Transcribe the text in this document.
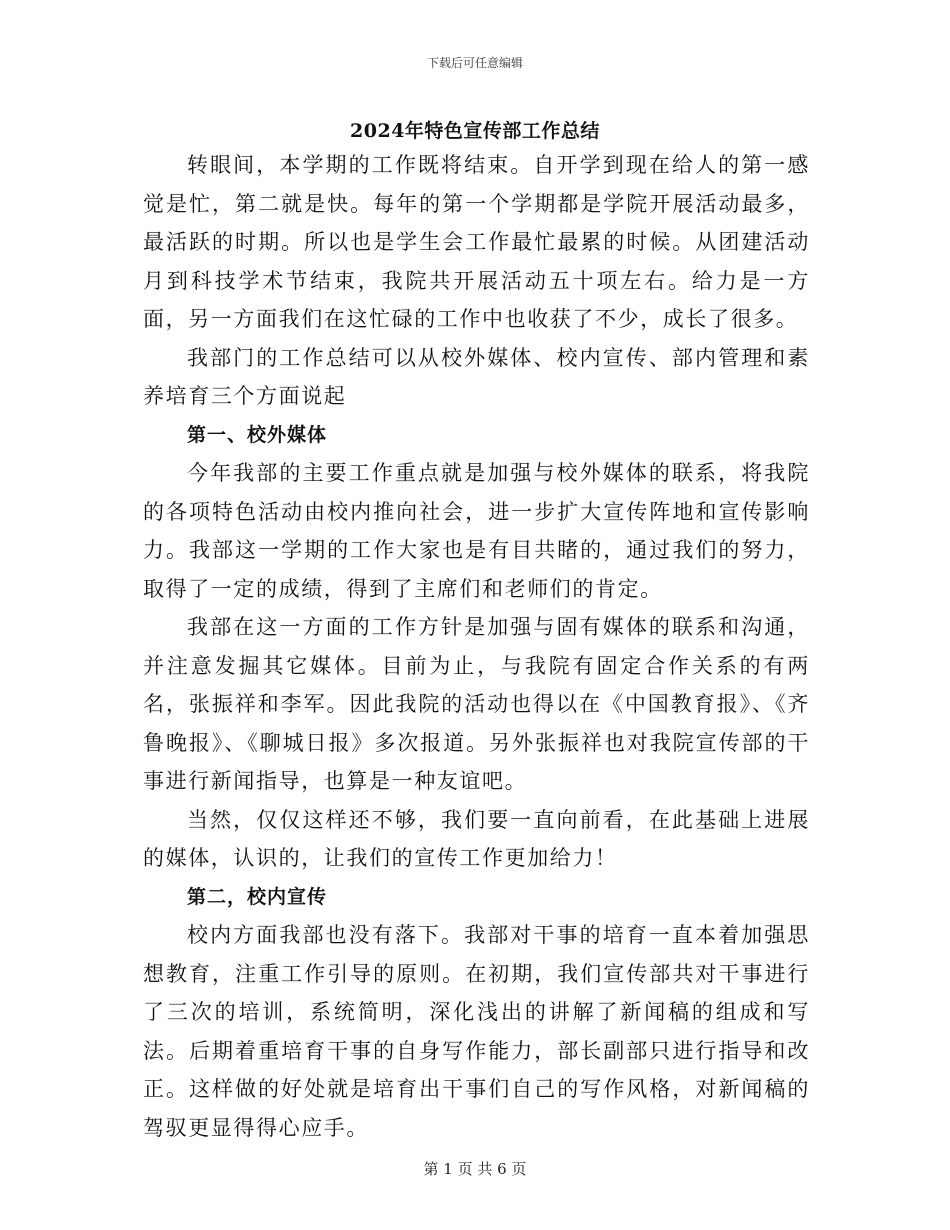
下载后可任意编辑
2024年特色宣传部工作总结

转眼间，本学期的工作既将结束。自开学到现在给人的第一感觉是忙，第二就是快。每年的第一个学期都是学院开展活动最多，最活跃的时期。所以也是学生会工作最忙最累的时候。从团建活动月到科技学术节结束，我院共开展活动五十项左右。给力是一方面，另一方面我们在这忙碌的工作中也收获了不少，成长了很多。

我部门的工作总结可以从校外媒体、校内宣传、部内管理和素养培育三个方面说起

第一、校外媒体

今年我部的主要工作重点就是加强与校外媒体的联系，将我院的各项特色活动由校内推向社会，进一步扩大宣传阵地和宣传影响力。我部这一学期的工作大家也是有目共睹的，通过我们的努力，取得了一定的成绩，得到了主席们和老师们的肯定。

我部在这一方面的工作方针是加强与固有媒体的联系和沟通，并注意发掘其它媒体。目前为止，与我院有固定合作关系的有两名，张振祥和李军。因此我院的活动也得以在《中国教育报》、《齐鲁晚报》、《聊城日报》多次报道。另外张振祥也对我院宣传部的干事进行新闻指导，也算是一种友谊吧。

当然，仅仅这样还不够，我们要一直向前看，在此基础上进展的媒体，认识的，让我们的宣传工作更加给力！

第二，校内宣传

校内方面我部也没有落下。我部对干事的培育一直本着加强思想教育，注重工作引导的原则。在初期，我们宣传部共对干事进行了三次的培训，系统简明，深化浅出的讲解了新闻稿的组成和写法。后期着重培育干事的自身写作能力，部长副部只进行指导和改正。这样做的好处就是培育出干事们自己的写作风格，对新闻稿的驾驭更显得得心应手。

第 1 页 共 6 页
